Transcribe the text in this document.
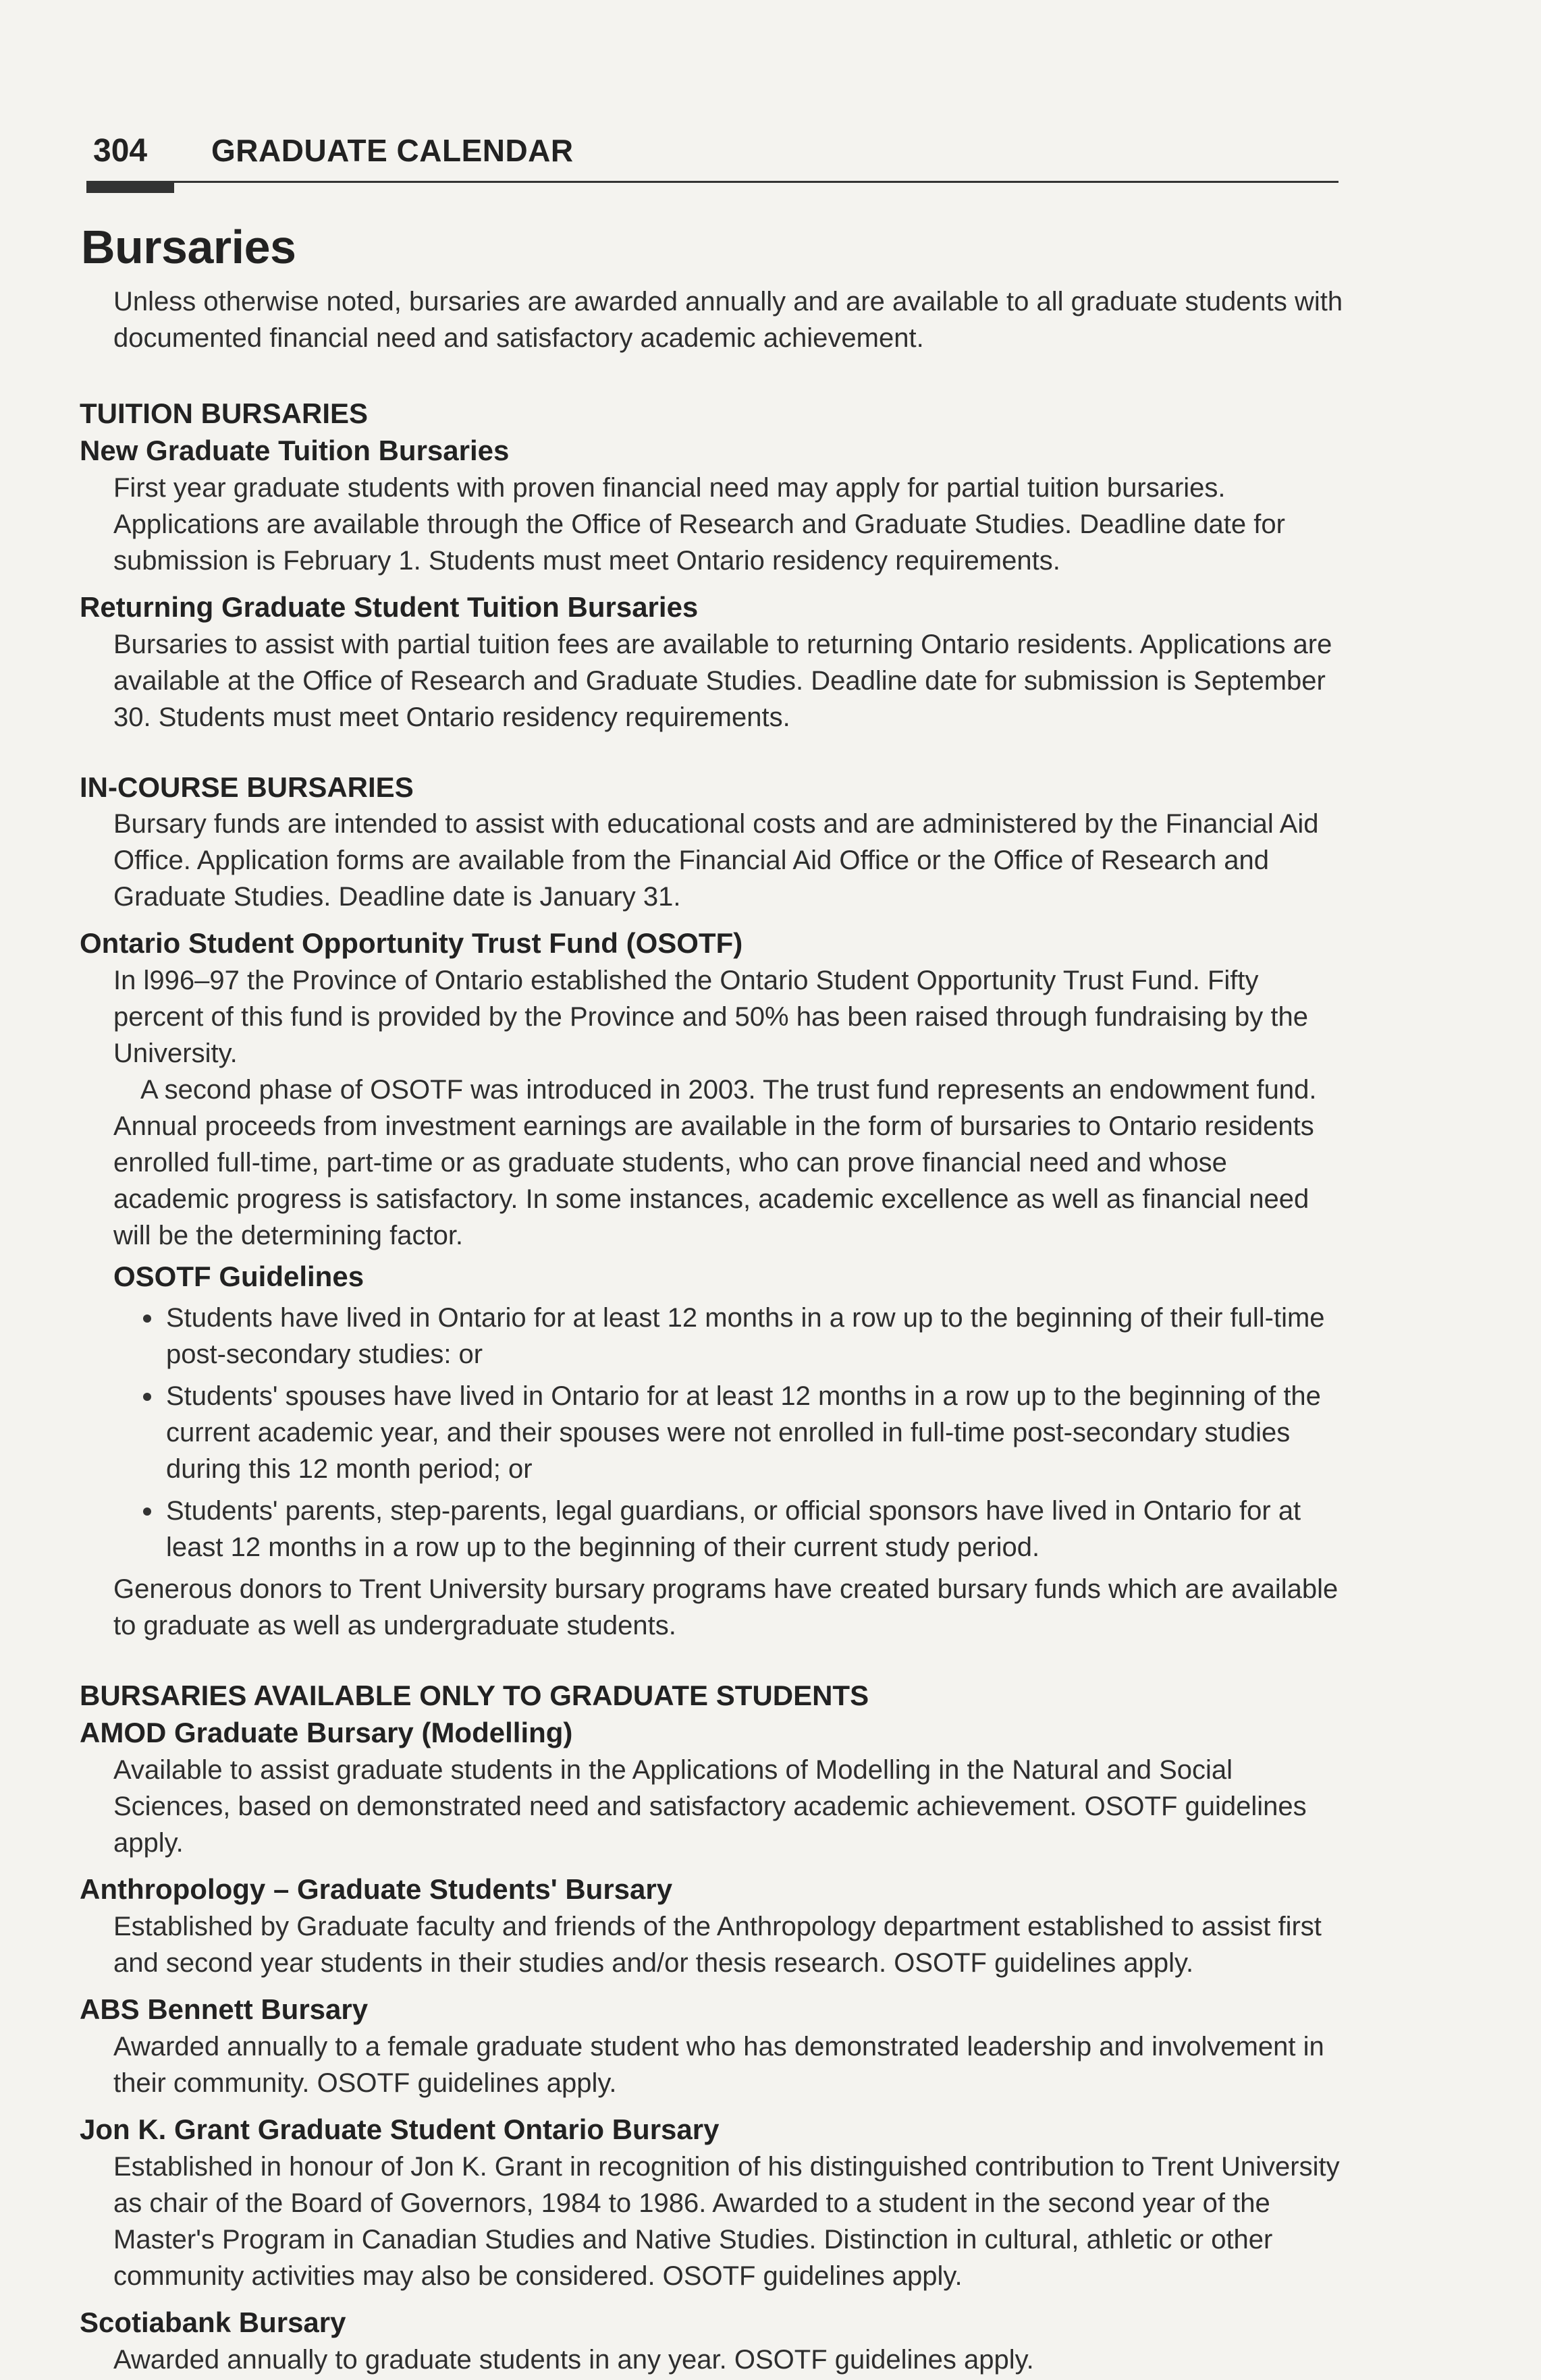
304	GRADUATE CALENDAR
Bursaries

Unless otherwise noted, bursaries are awarded annually and are available to all graduate students with documented financial need and satisfactory academic achievement.

TUITION BURSARIES
New Graduate Tuition Bursaries

First year graduate students with proven financial need may apply for partial tuition bursaries. Applications are available through the Office of Research and Graduate Studies. Deadline date for submission is February 1. Students must meet Ontario residency requirements.

Returning Graduate Student Tuition Bursaries

Bursaries to assist with partial tuition fees are available to returning Ontario residents. Applications are available at the Office of Research and Graduate Studies. Deadline date for submission is September 30. Students must meet Ontario residency requirements.

IN-COURSE BURSARIES

Bursary funds are intended to assist with educational costs and are administered by the Financial Aid Office. Application forms are available from the Financial Aid Office or the Office of Research and Graduate Studies. Deadline date is January 31.

Ontario Student Opportunity Trust Fund (OSOTF)

In l996–97 the Province of Ontario established the Ontario Student Opportunity Trust Fund. Fifty percent of this fund is provided by the Province and 50% has been raised through fundraising by the University.

A second phase of OSOTF was introduced in 2003. The trust fund represents an endowment fund. Annual proceeds from investment earnings are available in the form of bursaries to Ontario residents enrolled full-time, part-time or as graduate students, who can prove financial need and whose academic progress is satisfactory. In some instances, academic excellence as well as financial need will be the determining factor.

OSOTF Guidelines
Students have lived in Ontario for at least 12 months in a row up to the beginning of their full-time post-secondary studies: or
Students' spouses have lived in Ontario for at least 12 months in a row up to the beginning of the current academic year, and their spouses were not enrolled in full-time post-secondary studies during this 12 month period; or
Students' parents, step-parents, legal guardians, or official sponsors have lived in Ontario for at least 12 months in a row up to the beginning of their current study period.

Generous donors to Trent University bursary programs have created bursary funds which are available to graduate as well as undergraduate students.

BURSARIES AVAILABLE ONLY TO GRADUATE STUDENTS
AMOD Graduate Bursary (Modelling)

Available to assist graduate students in the Applications of Modelling in the Natural and Social Sciences, based on demonstrated need and satisfactory academic achievement. OSOTF guidelines apply.

Anthropology – Graduate Students' Bursary

Established by Graduate faculty and friends of the Anthropology department established to assist first and second year students in their studies and/or thesis research. OSOTF guidelines apply.

ABS Bennett Bursary

Awarded annually to a female graduate student who has demonstrated leadership and involvement in their community. OSOTF guidelines apply.

Jon K. Grant Graduate Student Ontario Bursary

Established in honour of Jon K. Grant in recognition of his distinguished contribution to Trent University as chair of the Board of Governors, 1984 to 1986. Awarded to a student in the second year of the Master's Program in Canadian Studies and Native Studies. Distinction in cultural, athletic or other community activities may also be considered. OSOTF guidelines apply.

Scotiabank Bursary

Awarded annually to graduate students in any year. OSOTF guidelines apply.
